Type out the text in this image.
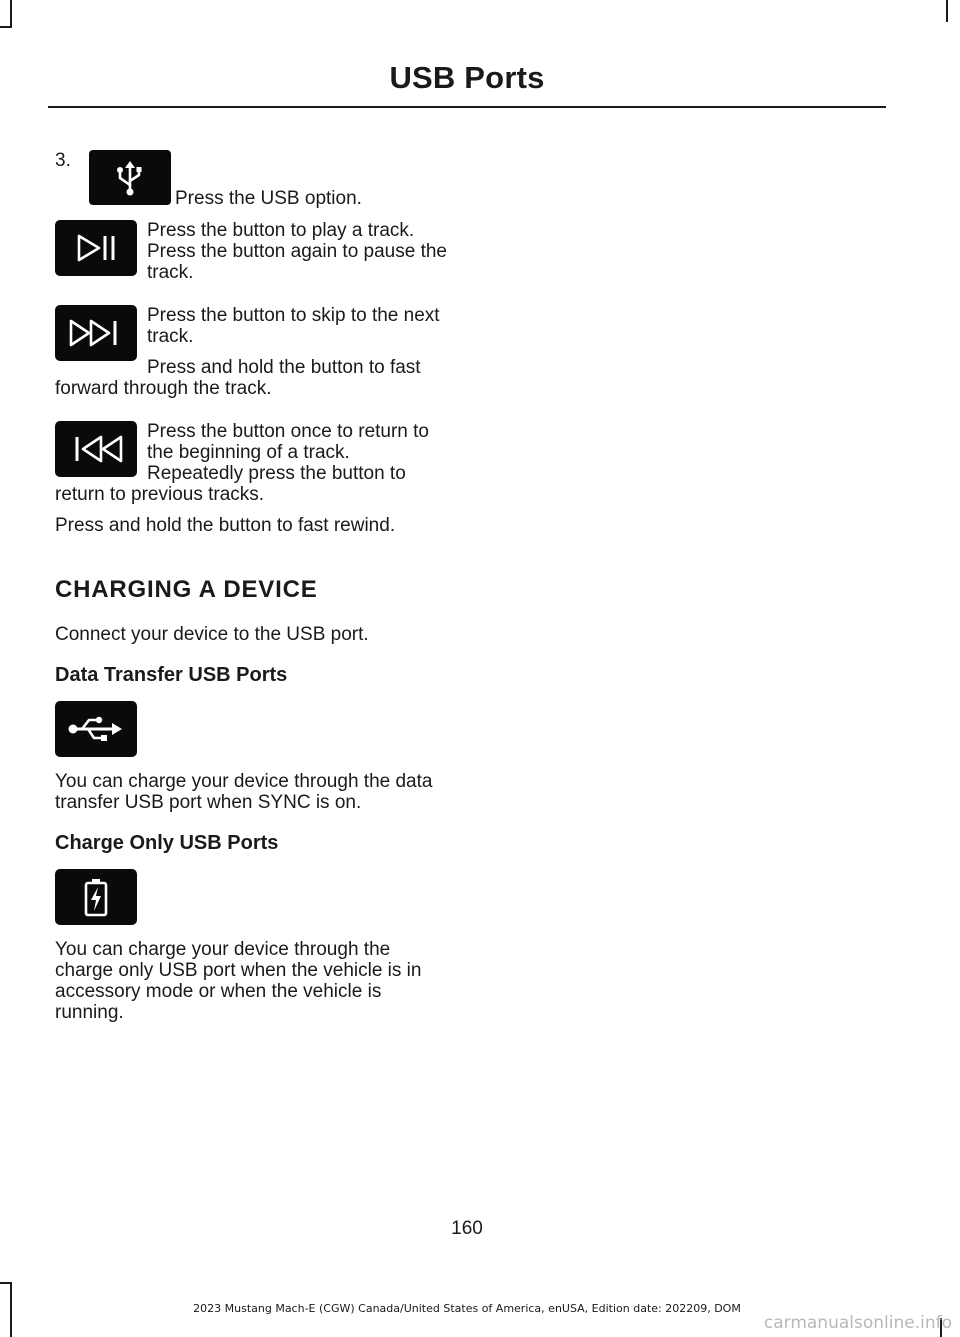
USB Ports
3.
Press the USB option.

Press the button to play a track. Press the button again to pause the track.

Press the button to skip to the next track.

Press and hold the button to fast forward through the track.

Press the button once to return to the beginning of a track. Repeatedly press the button to return to previous tracks.

Press and hold the button to fast rewind.

CHARGING A DEVICE

Connect your device to the USB port.

Data Transfer USB Ports

You can charge your device through the data transfer USB port when SYNC is on.

Charge Only USB Ports

You can charge your device through the charge only USB port when the vehicle is in accessory mode or when the vehicle is running.

160
2023 Mustang Mach-E (CGW) Canada/United States of America, enUSA, Edition date: 202209, DOM
carmanualsonline.info
